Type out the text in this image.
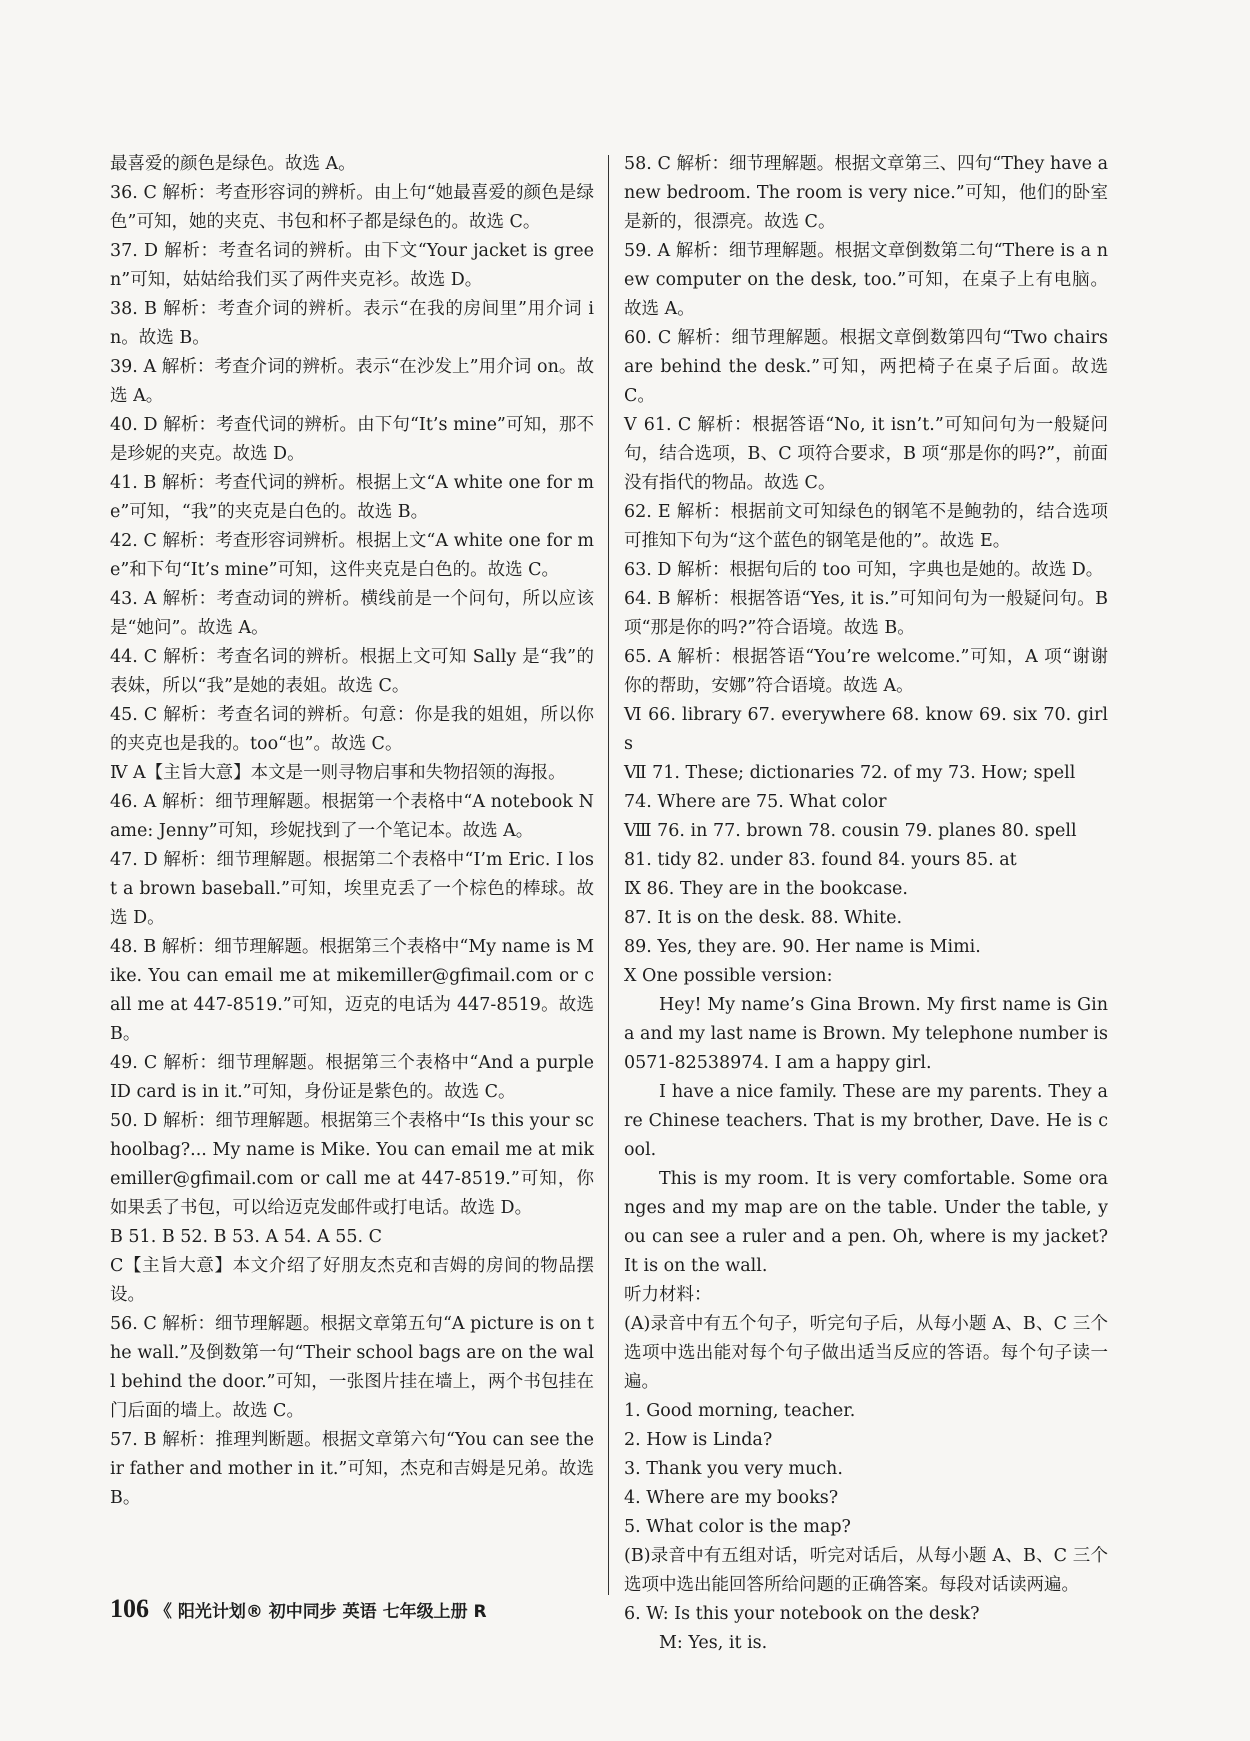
最喜爱的颜色是绿色。故选 A。

36. C 解析：考查形容词的辨析。由上句“她最喜爱的颜色是绿色”可知，她的夹克、书包和杯子都是绿色的。故选 C。

37. D 解析：考查名词的辨析。由下文“Your jacket is green”可知，姑姑给我们买了两件夹克衫。故选 D。

38. B 解析：考查介词的辨析。表示“在我的房间里”用介词 in。故选 B。

39. A 解析：考查介词的辨析。表示“在沙发上”用介词 on。故选 A。

40. D 解析：考查代词的辨析。由下句“It’s mine”可知，那不是珍妮的夹克。故选 D。

41. B 解析：考查代词的辨析。根据上文“A white one for me”可知，“我”的夹克是白色的。故选 B。

42. C 解析：考查形容词辨析。根据上文“A white one for me”和下句“It’s mine”可知，这件夹克是白色的。故选 C。

43. A 解析：考查动词的辨析。横线前是一个问句，所以应该是“她问”。故选 A。

44. C 解析：考查名词的辨析。根据上文可知 Sally 是“我”的表妹，所以“我”是她的表姐。故选 C。

45. C 解析：考查名词的辨析。句意：你是我的姐姐，所以你的夹克也是我的。too“也”。故选 C。

Ⅳ A【主旨大意】本文是一则寻物启事和失物招领的海报。

46. A 解析：细节理解题。根据第一个表格中“A notebook Name: Jenny”可知，珍妮找到了一个笔记本。故选 A。

47. D 解析：细节理解题。根据第二个表格中“I’m Eric. I lost a brown baseball.”可知，埃里克丢了一个棕色的棒球。故选 D。

48. B 解析：细节理解题。根据第三个表格中“My name is Mike. You can email me at mikemiller@gfimail.com or call me at 447-8519.”可知，迈克的电话为 447-8519。故选 B。

49. C 解析：细节理解题。根据第三个表格中“And a purple ID card is in it.”可知，身份证是紫色的。故选 C。

50. D 解析：细节理解题。根据第三个表格中“Is this your schoolbag?... My name is Mike. You can email me at mikemiller@gfimail.com or call me at 447-8519.”可知，你如果丢了书包，可以给迈克发邮件或打电话。故选 D。

B 51. B 52. B 53. A 54. A 55. C

C【主旨大意】本文介绍了好朋友杰克和吉姆的房间的物品摆设。

56. C 解析：细节理解题。根据文章第五句“A picture is on the wall.”及倒数第一句“Their school bags are on the wall behind the door.”可知，一张图片挂在墙上，两个书包挂在门后面的墙上。故选 C。

57. B 解析：推理判断题。根据文章第六句“You can see their father and mother in it.”可知，杰克和吉姆是兄弟。故选 B。

58. C 解析：细节理解题。根据文章第三、四句“They have a new bedroom. The room is very nice.”可知，他们的卧室是新的，很漂亮。故选 C。

59. A 解析：细节理解题。根据文章倒数第二句“There is a new computer on the desk, too.”可知，在桌子上有电脑。故选 A。

60. C 解析：细节理解题。根据文章倒数第四句“Two chairs are behind the desk.”可知，两把椅子在桌子后面。故选 C。

Ⅴ 61. C 解析：根据答语“No, it isn’t.”可知问句为一般疑问句，结合选项，B、C 项符合要求，B 项“那是你的吗?”，前面没有指代的物品。故选 C。

62. E 解析：根据前文可知绿色的钢笔不是鲍勃的，结合选项可推知下句为“这个蓝色的钢笔是他的”。故选 E。

63. D 解析：根据句后的 too 可知，字典也是她的。故选 D。

64. B 解析：根据答语“Yes, it is.”可知问句为一般疑问句。B 项“那是你的吗?”符合语境。故选 B。

65. A 解析：根据答语“You’re welcome.”可知，A 项“谢谢你的帮助，安娜”符合语境。故选 A。

Ⅵ 66. library 67. everywhere 68. know 69. six 70. girls

Ⅶ 71. These; dictionaries 72. of my 73. How; spell

74. Where are 75. What color

Ⅷ 76. in 77. brown 78. cousin 79. planes 80. spell

81. tidy 82. under 83. found 84. yours 85. at

Ⅸ 86. They are in the bookcase.

87. It is on the desk. 88. White.

89. Yes, they are. 90. Her name is Mimi.

Ⅹ One possible version:

Hey! My name’s Gina Brown. My first name is Gina and my last name is Brown. My telephone number is 0571-82538974. I am a happy girl.

I have a nice family. These are my parents. They are Chinese teachers. That is my brother, Dave. He is cool.

This is my room. It is very comfortable. Some oranges and my map are on the table. Under the table, you can see a ruler and a pen. Oh, where is my jacket? It is on the wall.

听力材料：

(A)录音中有五个句子，听完句子后，从每小题 A、B、C 三个选项中选出能对每个句子做出适当反应的答语。每个句子读一遍。

1. Good morning, teacher.

2. How is Linda?

3. Thank you very much.

4. Where are my books?

5. What color is the map?

(B)录音中有五组对话，听完对话后，从每小题 A、B、C 三个选项中选出能回答所给问题的正确答案。每段对话读两遍。

6. W: Is this your notebook on the desk?

M: Yes, it is.

106 《 阳光计划® 初中同步 英语 七年级上册 R
